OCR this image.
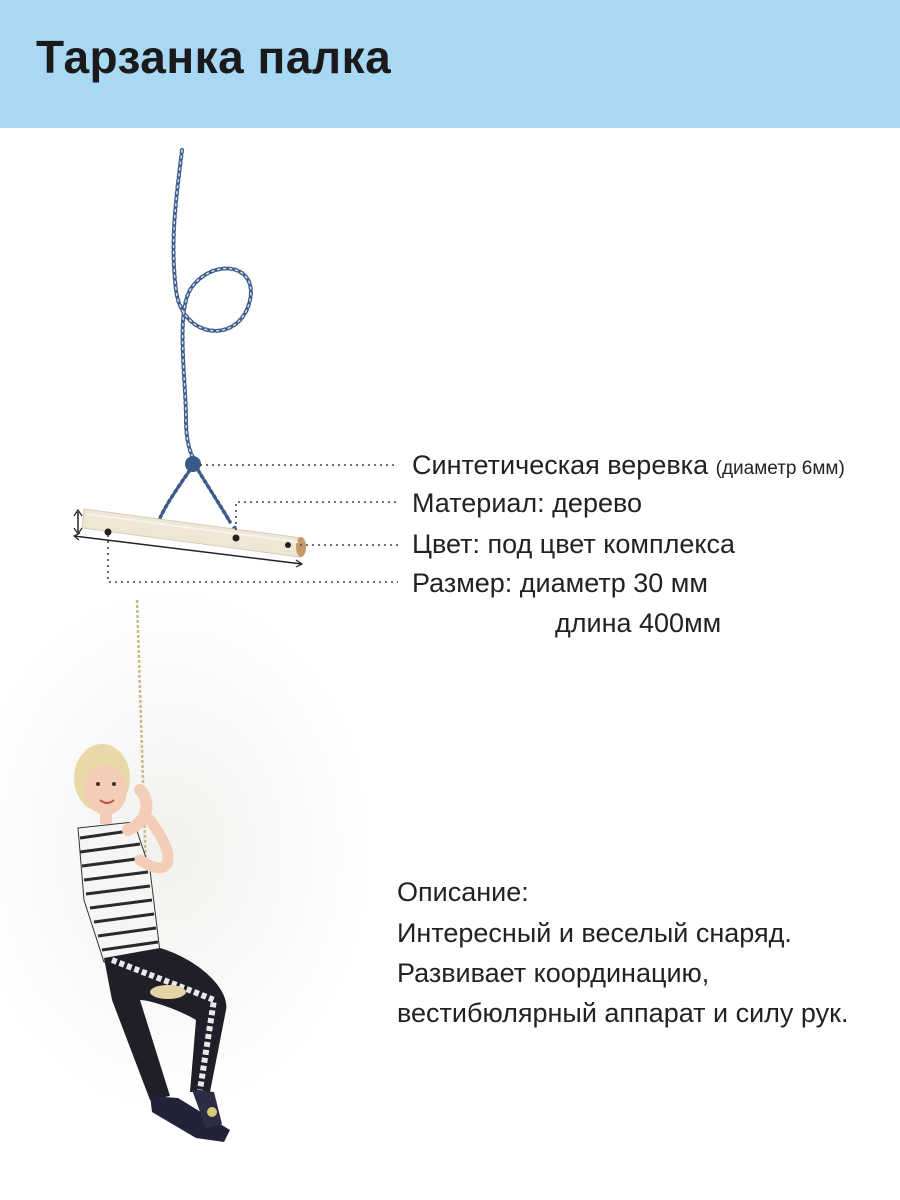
Тарзанка палка
Синтетическая веревка (диаметр 6мм)
Материал: дерево
Цвет: под цвет комплекса
Размер: диаметр 30 мм
длина 400мм
Описание:
Интересный и веселый снаряд.
Развивает координацию,
вестибюлярный аппарат и силу рук.
